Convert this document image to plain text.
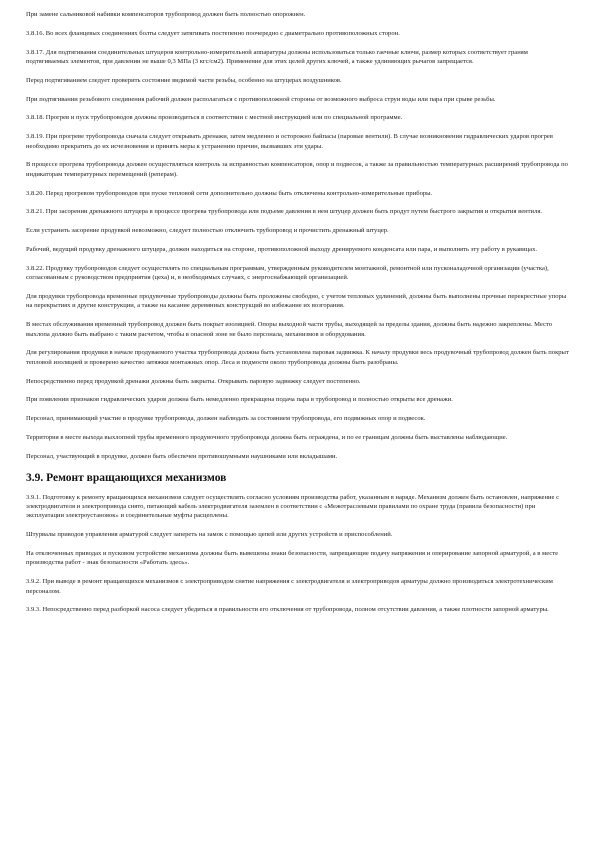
При замене сальниковой набивки компенсаторов трубопровод должен быть полностью опорожнен.

3.8.16. Во всех фланцевых соединениях болты следует затягивать постепенно поочередно с диаметрально противоположных сторон.

3.8.17. Для подтягивания соединительных штуцеров контрольно-измерительной аппаратуры должны использоваться только гаечные ключи, размер которых соответствует граням подтягиваемых элементов, при давлении не выше 0,3 МПа (3 кгс/см2). Применение для этих целей других ключей, а также удлиняющих рычагов запрещается.

Перед подтягиванием следует проверить состояние видимой части резьбы, особенно на штуцерах воздушников.

При подтягивании резьбового соединения рабочий должен располагаться с противоположной стороны от возможного выброса струи воды или пара при срыве резьбы.

3.8.18. Прогрев и пуск трубопроводов должны производиться в соответствии с местной инструкцией или по специальной программе.

3.8.19. При прогреве трубопровода сначала следует открывать дренажи, затем медленно и осторожно байпасы (паровые вентили). В случае возникновения гидравлических ударов прогрев необходимо прекратить до их исчезновения и принять меры к устранению причин, вызвавших эти удары.

В процессе прогрева трубопровода должен осуществляться контроль за исправностью компенсаторов, опор и подвесок, а также за правильностью температурных расширений трубопровода по индикаторам температурных перемещений (реперам).

3.8.20. Перед прогревом трубопроводов при пуске тепловой сети дополнительно должны быть отключены контрольно-измерительные приборы.

3.8.21. При засорении дренажного штуцера в процессе прогрева трубопровода или подъеме давления в нем штуцер должен быть продут путем быстрого закрытия и открытия вентиля.

Если устранить засорение продувкой невозможно, следует полностью отключить трубопровод и прочистить дренажный штуцер.

Рабочий, ведущий продувку дренажного штуцера, должен находиться на стороне, противоположной выходу дренируемого конденсата или пара, и выполнять эту работу в рукавицах.

3.8.22. Продувку трубопроводов следует осуществлять по специальным программам, утвержденным руководителем монтажной, ремонтной или пусконаладочной организации (участка), согласованным с руководством предприятия (цеха) и, в необходимых случаях, с энергоснабжающей организацией.

Для продувки трубопровода временные продувочные трубопроводы должны быть проложены свободно, с учетом тепловых удлинений, должны быть выполнены прочные перекрестные упоры на перекрытиях и другие конструкции, а также на касание деревянных конструкций во избежание их возгорания.

В местах обслуживания временный трубопровод должен быть покрыт изоляцией. Опоры выходной части трубы, выходящей за пределы здания, должны быть надежно закреплены. Место выхлопа должно быть выбрано с таким расчетом, чтобы в опасной зоне не было персонала, механизмов и оборудования.

Для регулирования продувки в начале продуваемого участка трубопровода должна быть установлена паровая задвижка. К началу продувки весь продувочный трубопровод должен быть покрыт тепловой изоляцией и проверено качество затяжки монтажных опор. Леса и подмости около трубопровода должны быть разобраны.

Непосредственно перед продувкой дренажи должны быть закрыты. Открывать паровую задвижку следует постепенно.

При появлении признаков гидравлических ударов должна быть немедленно прекращена подача пара в трубопровод и полностью открыты все дренажи.

Персонал, принимающий участие в продувке трубопровода, должен наблюдать за состоянием трубопровода, его подвижных опор и подвесок.

Территория в месте выхода выхлопной трубы временного продувочного трубопровода должна быть ограждена, и по ее границам должны быть выставлены наблюдающие.

Персонал, участвующий в продувке, должен быть обеспечен противошумными наушниками или вкладышами.

3.9. Ремонт вращающихся механизмов

3.9.1. Подготовку к ремонту вращающихся механизмов следует осуществлять согласно условиям производства работ, указанным в наряде. Механизм должен быть остановлен, напряжение с электродвигателя и электропривода снято, питающий кабель электродвигателя заземлен в соответствии с «Межотраслевыми правилами по охране труда (правила безопасности) при эксплуатации электроустановок» и соединительные муфты расцеплены.

Штурвалы приводов управления арматурой следует запереть на замок с помощью цепей или других устройств и приспособлений.

На отключенных приводах и пусковом устройстве механизма должны быть вывешены знаки безопасности, запрещающие подачу напряжения и оперирование запорной арматурой, а в месте производства работ - знак безопасности «Работать здесь».

3.9.2. При выводе в ремонт вращающихся механизмов с электроприводом снятие напряжения с электродвигателя и электроприводов арматуры должно производиться электротехническим персоналом.

3.9.3. Непосредственно перед разборкой насоса следует убедиться в правильности его отключения от трубопровода, полном отсутствии давления, а также плотности запорной арматуры.
